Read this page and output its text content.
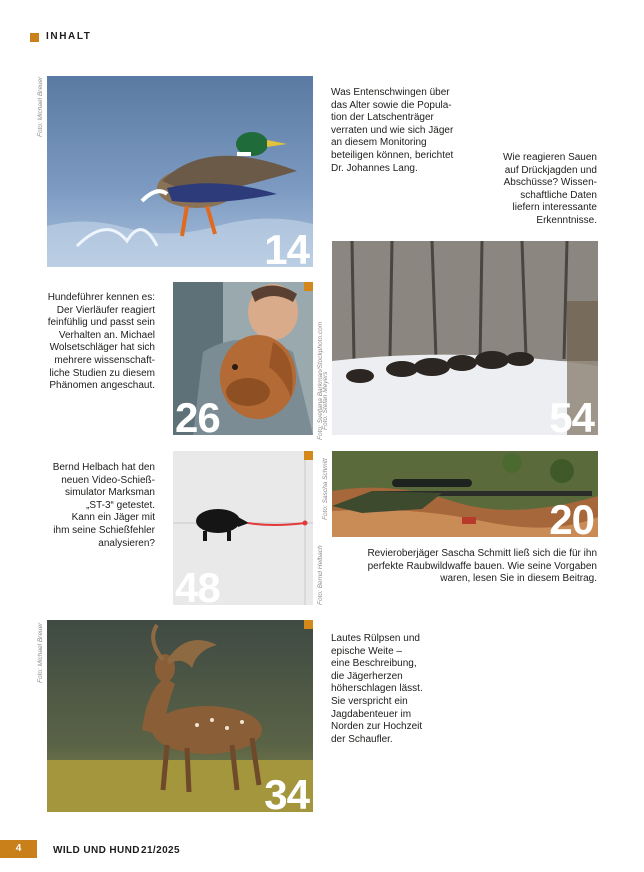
INHALT
14
Foto: Michael Breuer	Was Entenschwingen über
das Alter sowie die Popula-
tion der Latschenträger
verraten und wie sich Jäger
an diesem Monitoring
beteiligen können, berichtet
Dr. Johannes Lang.
54
Foto: Stefan Meyers
Wie reagieren Sauen
auf Drückjagden und
Abschüsse? Wissen-
schaftliche Daten
liefern interessante
Erkenntnisse.
26	Foto: Svetlana Barkman/Stockphoto.com
Hundeführer kennen es:
Der Vierläufer reagiert
feinfühlig und passt sein
Verhalten an. Michael
Wolsetschläger hat sich
mehrere wissenschaft-
liche Studien zu diesem
Phänomen angeschaut.
20
Foto: Sascha Schmitt
Revieroberjäger Sascha Schmitt ließ sich die für ihn
perfekte Raubwildwaffe bauen. Wie seine Vorgaben
waren, lesen Sie in diesem Beitrag.
48	Foto: Bernd Helbach
Bernd Helbach hat den
neuen Video-Schieß-
simulator Marksman
„ST-3“ getestet.
Kann ein Jäger mit
ihm seine Schießfehler
analysieren?
34
Foto: Michael Breuer	Lautes Rülpsen und
epische Weite –
eine Beschreibung,
die Jägerherzen
höherschlagen lässt.
Sie verspricht ein
Jagdabenteuer im
Norden zur Hochzeit
der Schaufler.
4	WILD UND HUND 21/2025
